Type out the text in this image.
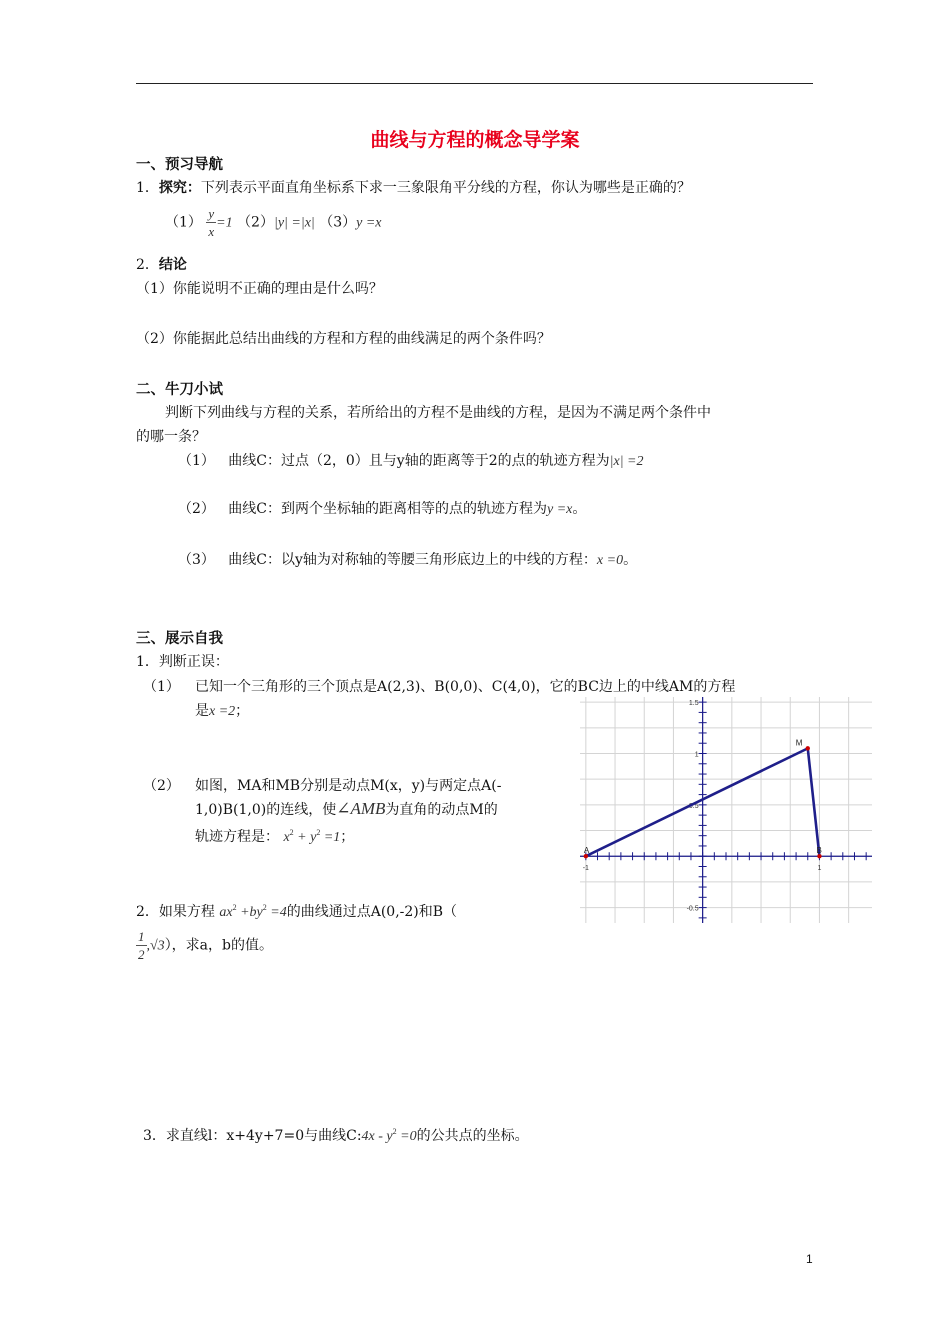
曲线与方程的概念导学案
一、预习导航
1．探究：下列表示平面直角坐标系下求一三象限角平分线的方程，你认为哪些是正确的？
$(1) \frac{y}{x} =1$ （2）|y| =|x| （3）y =x
2．结论
（1）你能说明不正确的理由是什么吗？
（2）你能据此总结出曲线的方程和方程的曲线满足的两个条件吗？
二、牛刀小试
判断下列曲线与方程的关系，若所给出的方程不是曲线的方程，是因为不满足两个条件中
的哪一条？
（1） 曲线C：过点（2，0）且与y轴的距离等于2的点的轨迹方程为|x| =2
（2） 曲线C：到两个坐标轴的距离相等的点的轨迹方程为y =x。
（3） 曲线C：以y轴为对称轴的等腰三角形底边上的中线的方程：x =0。
三、展示自我
1．判断正误：
（1） 已知一个三角形的三个顶点是A(2,3)、B(0,0)、C(4,0)，它的BC边上的中线AM的方程
是x =2；
（2） 如图，MA和MB分别是动点M(x，y)与两定点A(-
1,0)B(1,0)的连线，使∠AMB为直角的动点M的
轨迹方程是： $x^2 + y^2 =1$；
2．如果方程 $ax^2 +by^2 =4$的曲线通过点A(0,-2)和B（
$\frac{1}{2} ,√3$），求a，b的值。
3．求直线l：x+4y+7=0与曲线C:4x - $y^2 =0$的公共点的坐标。
-1	1
-0.5
0.5
1
1.5
A
M
B
1
